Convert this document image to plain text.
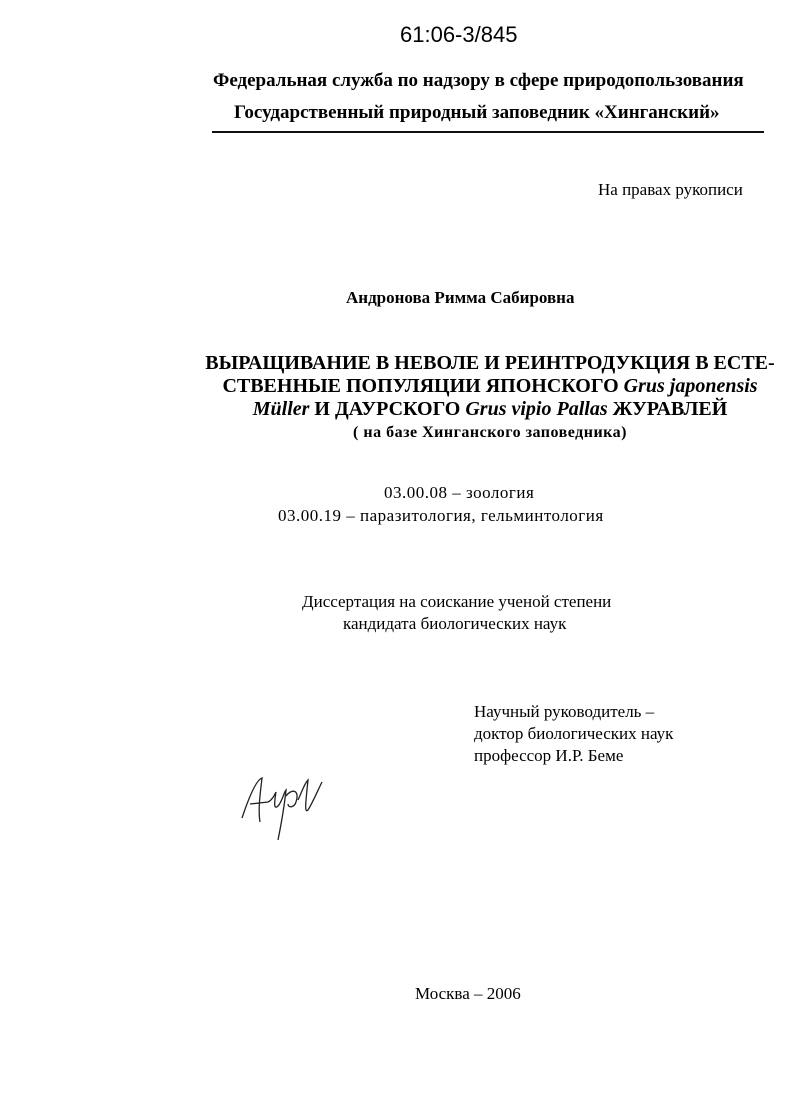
61:06-3/845
Федеральная служба по надзору в сфере природопользования
Государственный природный заповедник «Хинганский»
На правах рукописи
Андронова Римма Сабировна
ВЫРАЩИВАНИЕ В НЕВОЛЕ И РЕИНТРОДУКЦИЯ В ЕСТЕ-
СТВЕННЫЕ ПОПУЛЯЦИИ ЯПОНСКОГО Grus japonensis
Müller И ДАУРСКОГО Grus vipio Pallas ЖУРАВЛЕЙ
( на базе Хинганского заповедника)
03.00.08 – зоология
03.00.19 – паразитология, гельминтология
Диссертация на соискание ученой степени
кандидата биологических наук
Научный руководитель –
доктор биологических наук
профессор И.Р. Беме
Москва – 2006
